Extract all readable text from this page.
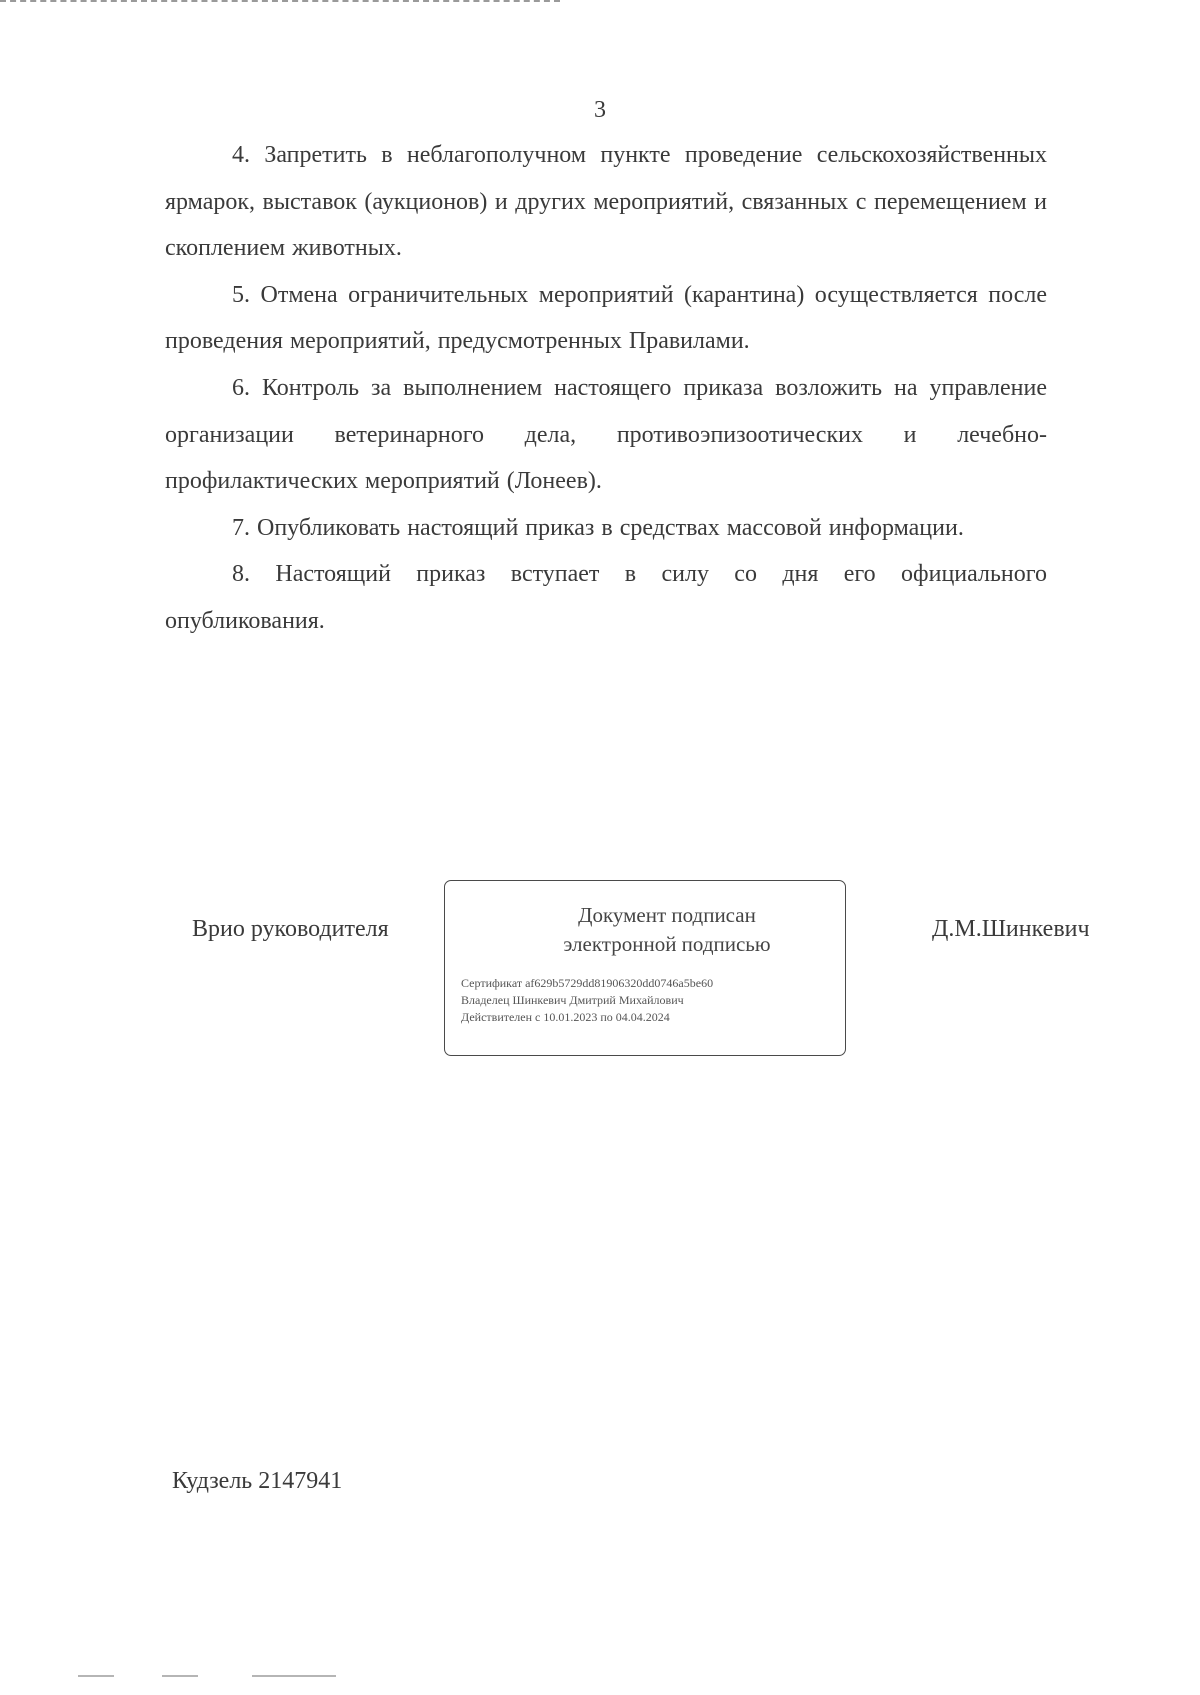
3

4. Запретить в неблагополучном пункте проведение сельскохозяйственных ярмарок, выставок (аукционов) и других мероприятий, связанных с перемещением и скоплением животных.

5. Отмена ограничительных мероприятий (карантина) осуществляется после проведения мероприятий, предусмотренных Правилами.

6. Контроль за выполнением настоящего приказа возложить на управление организации ветеринарного дела, противоэпизоотических и лечебно-профилактических мероприятий (Лонеев).

7. Опубликовать настоящий приказ в средствах массовой информации.

8. Настоящий приказ вступает в силу со дня его официального опубликования.

Врио руководителя
Документ подписан
электронной подписью
Сертификат af629b5729dd81906320dd0746a5be60
Владелец Шинкевич Дмитрий Михайлович
Действителен с 10.01.2023 по 04.04.2024
Д.М.Шинкевич
Кудзель 2147941
